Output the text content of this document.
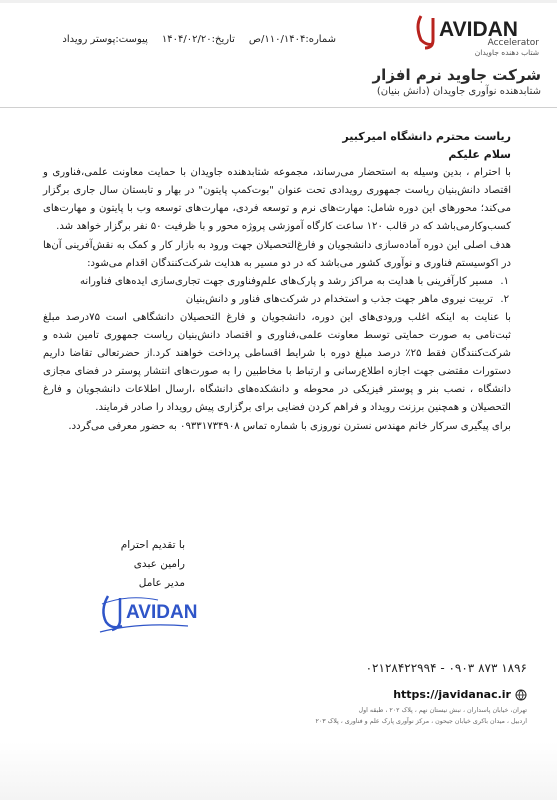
شماره:۱۱۰/۱۴۰۴/ص
تاریخ:۱۴۰۴/۰۲/۲۰
پیوست:پوستر رویداد	AVIDAN
Accelerator
شتاب دهنده جاویدان
شرکت جاوید نرم افزار
شتابدهنده نوآوری جاویدان (دانش بنیان)

ریاست محترم دانشگاه امیرکبیر

سلام علیکم

با احترام ، بدین وسیله به استحضار می‌رساند، مجموعه شتابدهنده جاویدان با حمایت معاونت علمی،فناوری و اقتصاد دانش‌بنیان ریاست جمهوری رویدادی تحت عنوان "بوت‌کمپ پایتون" در بهار و تابستان سال جاری برگزار می‌کند؛ محورهای این دوره شامل: مهارت‌های نرم و توسعه فردی، مهارت‌های توسعه وب با پایتون و مهارت‌های کسب‌وکارمی‌باشد که در قالب ۱۲۰ ساعت کارگاه آموزشی پروژه محور و با ظرفیت ۵۰ نفر برگزار خواهد شد.

هدف اصلی این دوره آماده‌سازی دانشجویان و فارغ‌التحصیلان جهت ورود به بازار کار و کمک به نقش‌آفرینی آن‌ها در اکوسیستم فناوری و نوآوری کشور می‌باشد که در دو مسیر به هدایت شرکت‌کنندگان اقدام می‌شود:

۱.
مسیر کارآفرینی با هدایت به مراکز رشد و پارک‌های علم‌وفناوری جهت تجاری‌سازی ایده‌های فناورانه
۲.
تربیت نیروی ماهر جهت جذب و استخدام در شرکت‌های فناور و دانش‌بنیان

با عنایت به اینکه اغلب ورودی‌های این دوره، دانشجویان و فارغ التحصیلان دانشگاهی است ۷۵درصد مبلغ ثبت‌نامی به صورت حمایتی توسط معاونت علمی،فناوری و اقتصاد دانش‌بنیان ریاست جمهوری تامین شده و شرکت‌کنندگان فقط ۲۵٪ درصد مبلغ دوره با شرایط اقساطی پرداخت خواهند کرد.از حضرتعالی تقاضا داریم دستورات مقتضی جهت اجازه اطلاع‌رسانی و ارتباط با مخاطبین را به صورت‌های انتشار پوستر در فضای مجازی دانشگاه ، نصب بنر و پوستر فیزیکی در محوطه و دانشکده‌های دانشگاه ،ارسال اطلاعات دانشجویان و فارغ التحصیلان و همچنین برزنت رویداد و فراهم کردن فضایی برای برگزاری پیش رویداد را صادر فرمایند.

برای پیگیری سرکار خانم مهندس نسترن نوروزی با شماره تماس ۰۹۳۳۱۷۳۴۹۰۸ به حضور معرفی می‌گردد.

با تقدیم احترام
رامین عبدی
مدیر عامل
AVIDAN
۰۲۱۲۸۴۲۲۹۹۴ - ۰۹۰۳ ۸۷۳ ۱۸۹۶
https://javidanac.ir
تهران، خیابان پاسداران ، نبش نیستان نهم ، پلاک ۲۰۲ ، طبقه اول
اردبیل ، میدان باکری خیابان جیحون ، مرکز نوآوری پارک علم و فناوری ، پلاک ۲۰۳
